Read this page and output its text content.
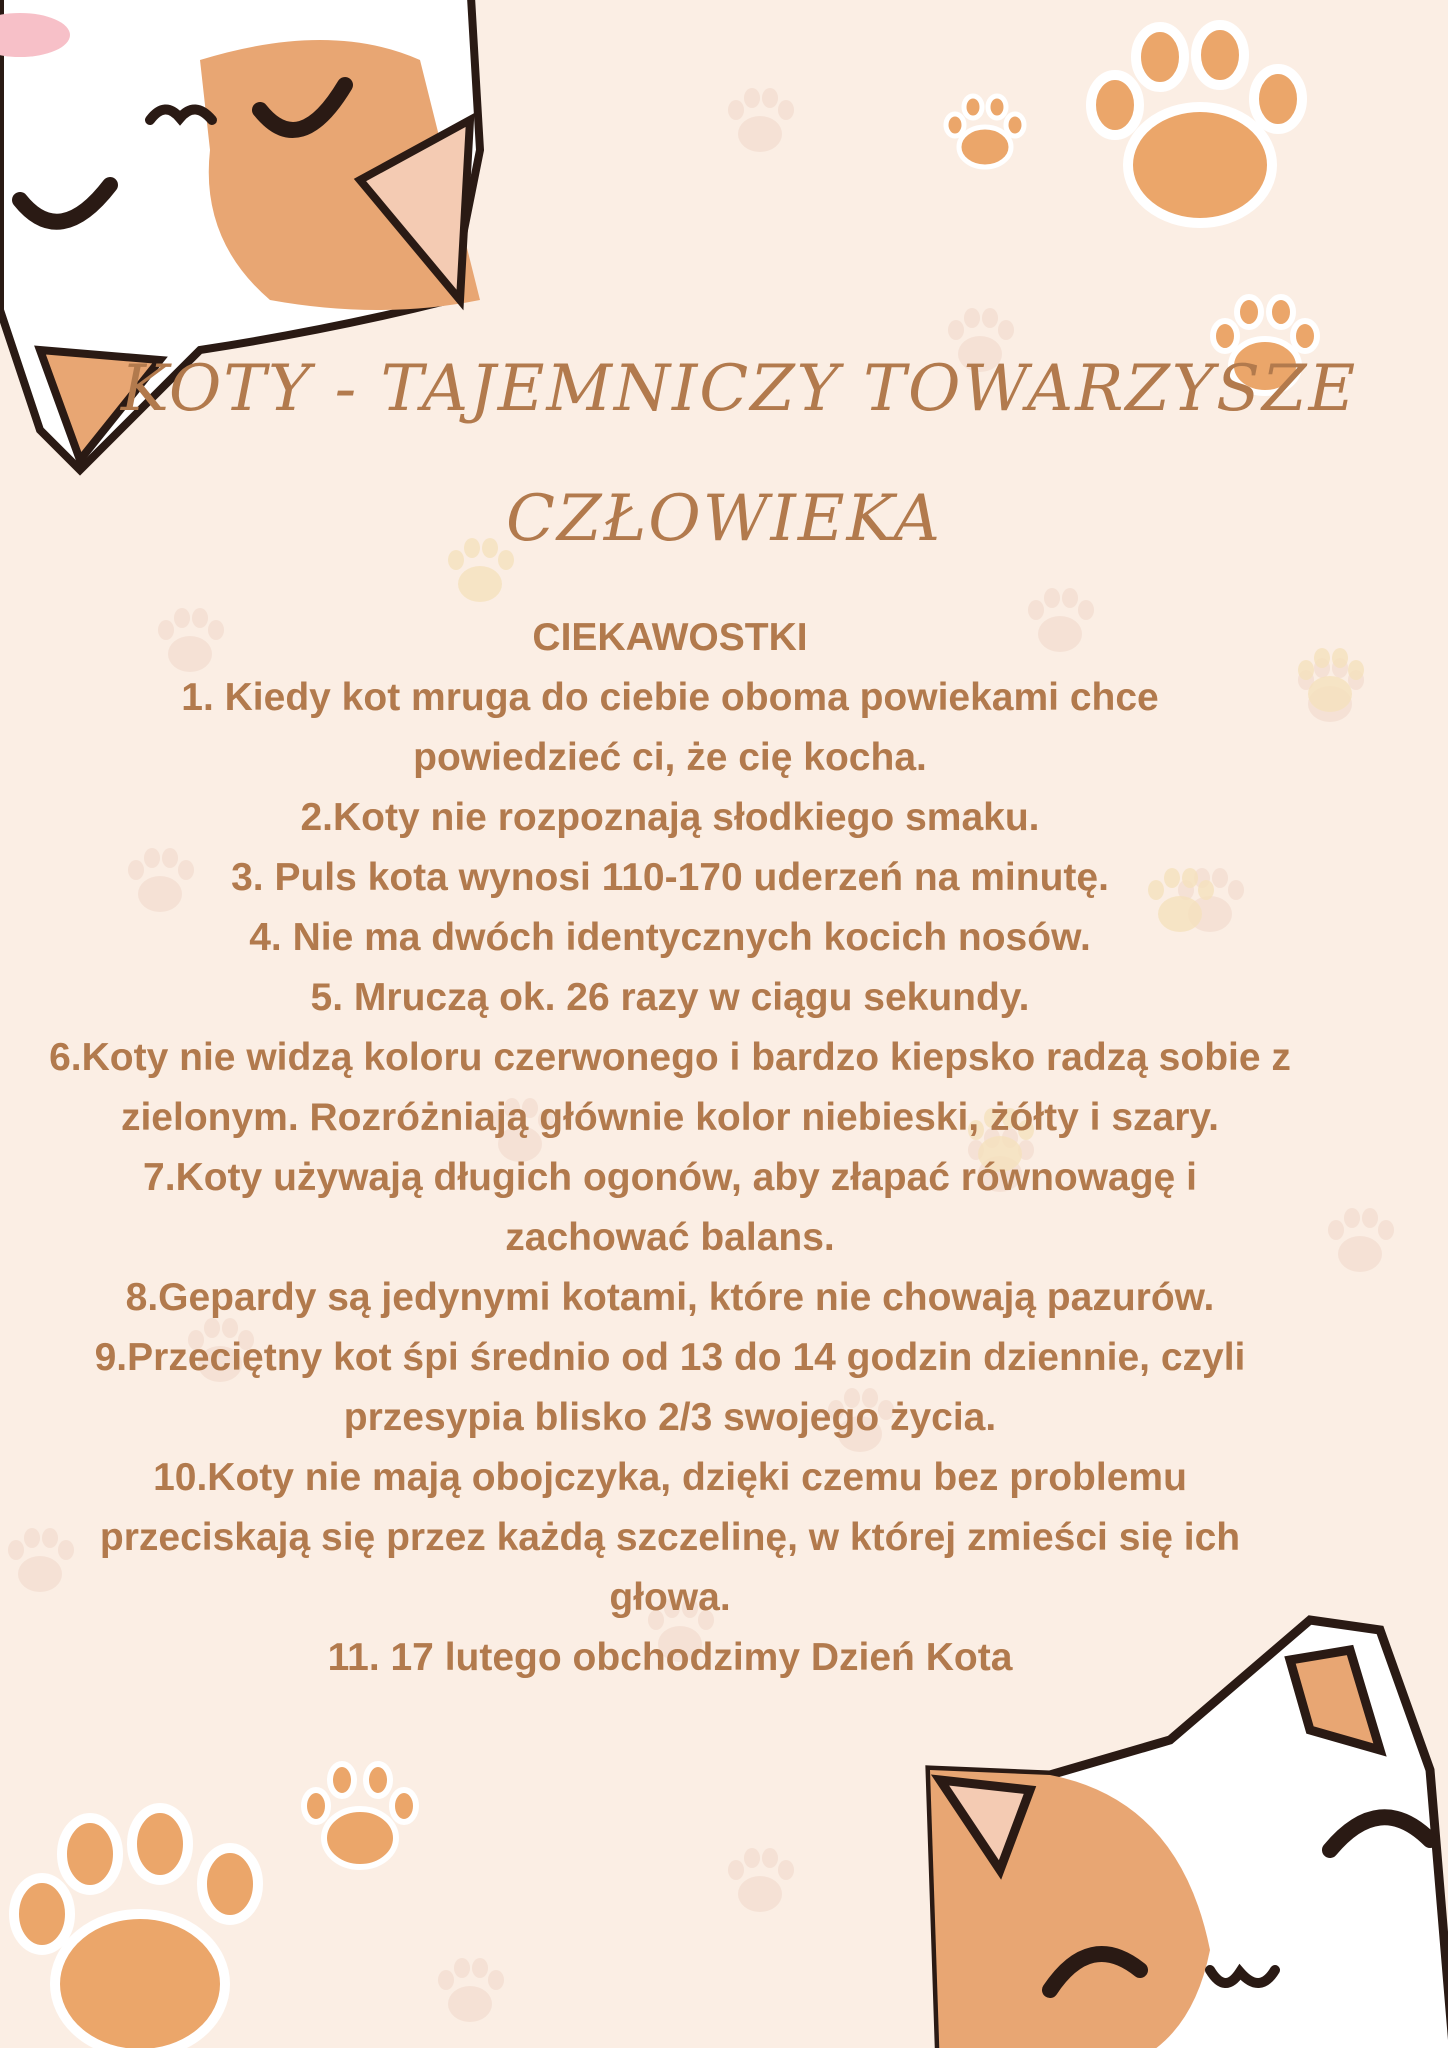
KOTY - TAJEMNICZY TOWARZYSZE
CZŁOWIEKA

CIEKAWOSTKI

1. Kiedy kot mruga do ciebie oboma powiekami chce powiedzieć ci, że cię kocha.

2.Koty nie rozpoznają słodkiego smaku.

3. Puls kota wynosi 110-170 uderzeń na minutę.

4. Nie ma dwóch identycznych kocich nosów.

5. Mruczą ok. 26 razy w ciągu sekundy.

6.Koty nie widzą koloru czerwonego i bardzo kiepsko radzą sobie z zielonym. Rozróżniają głównie kolor niebieski, żółty i szary.

7.Koty używają długich ogonów, aby złapać równowagę i zachować balans.

8.Gepardy są jedynymi kotami, które nie chowają pazurów.

9.Przeciętny kot śpi średnio od 13 do 14 godzin dziennie, czyli przesypia blisko 2/3 swojego życia.

10.Koty nie mają obojczyka, dzięki czemu bez problemu przeciskają się przez każdą szczelinę, w której zmieści się ich głowa.

11. 17 lutego obchodzimy Dzień Kota
